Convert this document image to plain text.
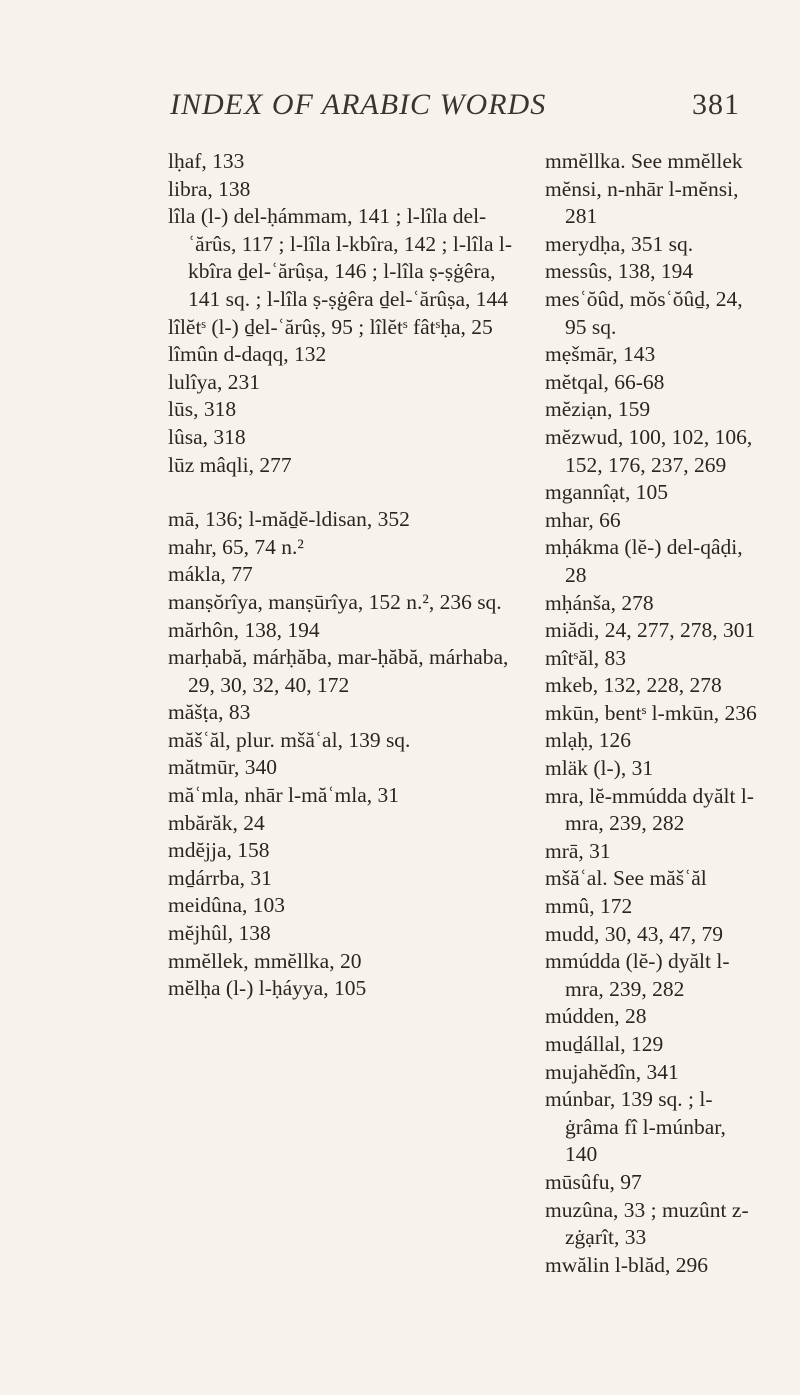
INDEX OF ARABIC WORDS	381

lḥaf, 133

libra, 138

lîla (l-) del-ḥámmam, 141 ; l-lîla del-ʿărûs, 117 ; l-lîla l-kbîra, 142 ; l-lîla l-kbîra ḏel-ʿărûṣa, 146 ; l-lîla ṣ-ṣġêra, 141 sq. ; l-lîla ṣ-ṣġêra ḏel-ʿărûṣa, 144

lîlĕtˢ (l-) ḏel-ʿărûṣ, 95 ; lîlĕtˢ fâtˢḥa, 25

lîmûn d-daqq, 132

lulîya, 231

lūs, 318

lûsa, 318

lūz mâqli, 277

mā, 136; l-măḏĕ-ldisan, 352

mahr, 65, 74 n.²

mákla, 77

manṣŏrîya, manṣūrîya, 152 n.², 236 sq.

mărhôn, 138, 194

marḥabă, márḥăba, mar-ḥăbă, márhaba, 29, 30, 32, 40, 172

măšṭa, 83

măšʿăl, plur. mšăʿal, 139 sq.

mătmūr, 340

măʿmla, nhār l-măʿmla, 31

mbărăk, 24

mdĕjja, 158

mḏárrba, 31

meidûna, 103

mĕjhûl, 138

mmĕllek, mmĕllka, 20

mĕlḥa (l-) l-ḥáyya, 105

mmĕllka. See mmĕllek

mĕnsi, n-nhār l-mĕnsi, 281

merydḥa, 351 sq.

messûs, 138, 194

mesʿŏûd, mŏsʿŏûḏ, 24, 95 sq.

mẹšmār, 143

mĕtqal, 66-68

mĕziạn, 159

mĕzwud, 100, 102, 106, 152, 176, 237, 269

mgannîạt, 105

mhar, 66

mḥákma (lĕ-) del-qâḍi, 28

mḥánša, 278

miădi, 24, 277, 278, 301

mîtˢăl, 83

mkeb, 132, 228, 278

mkūn, bentˢ l-mkūn, 236

mlạḥ, 126

mläk (l-), 31

mra, lĕ-mmúdda dyălt l-mra, 239, 282

mrā, 31

mšăʿal. See măšʿăl

mmû, 172

mudd, 30, 43, 47, 79

mmúdda (lĕ-) dyălt l-mra, 239, 282

múdden, 28

muḏállal, 129

mujahĕdîn, 341

múnbar, 139 sq. ; l-ġrâma fî l-múnbar, 140

mūsûfu, 97

muzûna, 33 ; muzûnt z-zġạrît, 33

mwălin l-blăd, 296
